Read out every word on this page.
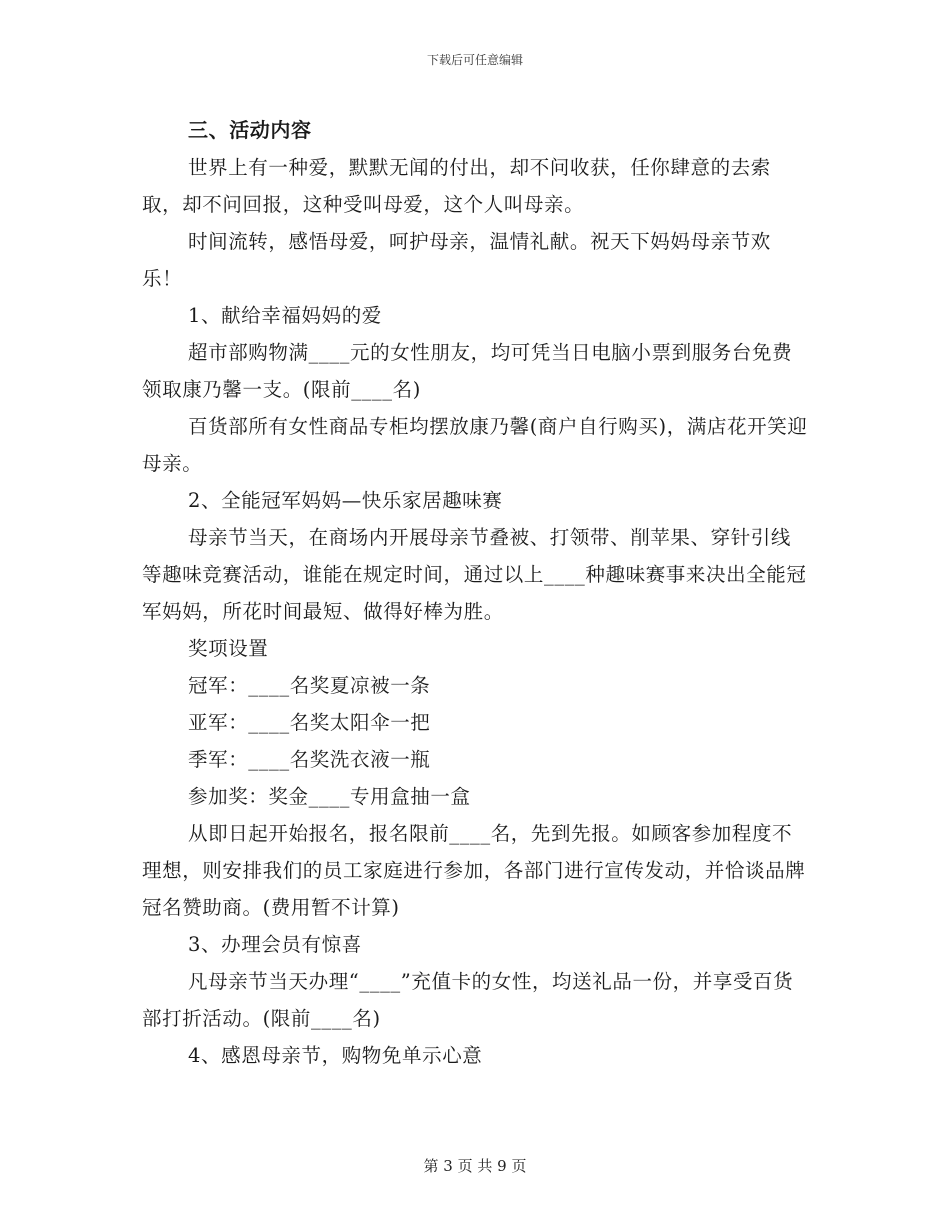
下载后可任意编辑

三、活动内容

世界上有一种爱，默默无闻的付出，却不问收获，任你肆意的去索取，却不问回报，这种受叫母爱，这个人叫母亲。

时间流转，感悟母爱，呵护母亲，温情礼献。祝天下妈妈母亲节欢乐！

1、献给幸福妈妈的爱

超市部购物满____元的女性朋友，均可凭当日电脑小票到服务台免费领取康乃馨一支。(限前____名)

百货部所有女性商品专柜均摆放康乃馨(商户自行购买)，满店花开笑迎母亲。

2、全能冠军妈妈—快乐家居趣味赛

母亲节当天，在商场内开展母亲节叠被、打领带、削苹果、穿针引线等趣味竞赛活动，谁能在规定时间，通过以上____种趣味赛事来决出全能冠军妈妈，所花时间最短、做得好棒为胜。

奖项设置

冠军：____名奖夏凉被一条

亚军：____名奖太阳伞一把

季军：____名奖洗衣液一瓶

参加奖：奖金____专用盒抽一盒

从即日起开始报名，报名限前____名，先到先报。如顾客参加程度不理想，则安排我们的员工家庭进行参加，各部门进行宣传发动，并恰谈品牌冠名赞助商。(费用暂不计算)

3、办理会员有惊喜

凡母亲节当天办理“____”充值卡的女性，均送礼品一份，并享受百货部打折活动。(限前____名)

4、感恩母亲节，购物免单示心意

第 3 页 共 9 页
